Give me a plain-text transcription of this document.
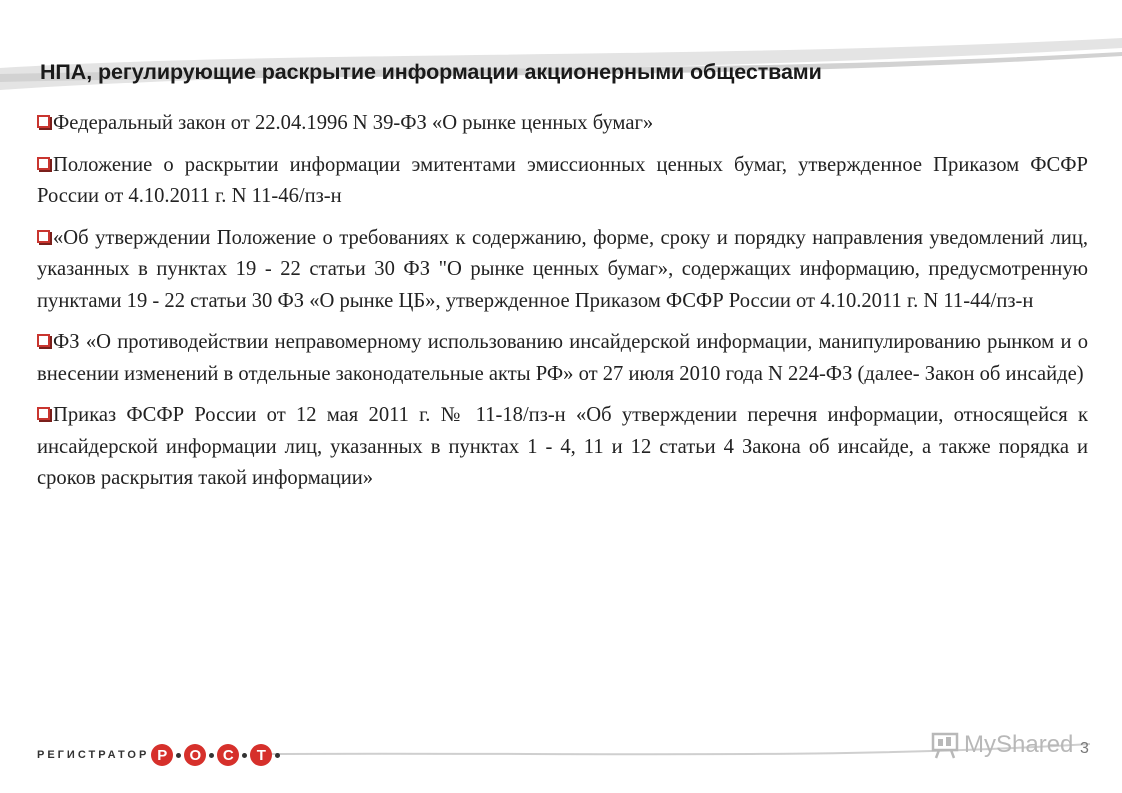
НПА, регулирующие раскрытие информации акционерными обществами
Федеральный закон от 22.04.1996 N 39-ФЗ «О рынке ценных бумаг»
Положение о раскрытии информации эмитентами эмиссионных ценных бумаг, утвержденное Приказом ФСФР России от 4.10.2011 г. N 11-46/пз-н
«Об утверждении Положение о требованиях к содержанию, форме, сроку и порядку направления уведомлений лиц, указанных в пунктах 19 - 22 статьи 30 ФЗ "О рынке ценных бумаг», содержащих информацию, предусмотренную пунктами 19 - 22 статьи 30 ФЗ «О рынке ЦБ», утвержденное Приказом ФСФР России от 4.10.2011 г. N 11-44/пз-н
ФЗ «О противодействии неправомерному использованию инсайдерской информации, манипулированию рынком и о внесении изменений в отдельные законодательные акты РФ» от 27 июля 2010 года N 224-ФЗ (далее- Закон об инсайде)
Приказ ФСФР России от 12 мая 2011 г. № 11-18/пз-н «Об утверждении перечня информации, относящейся к инсайдерской информации лиц, указанных в пунктах 1 - 4, 11 и 12 статьи 4 Закона об инсайде, а также порядка и сроков раскрытия такой информации»
РЕГИСТРАТОР Р	О	С	Т	MyShared 3
